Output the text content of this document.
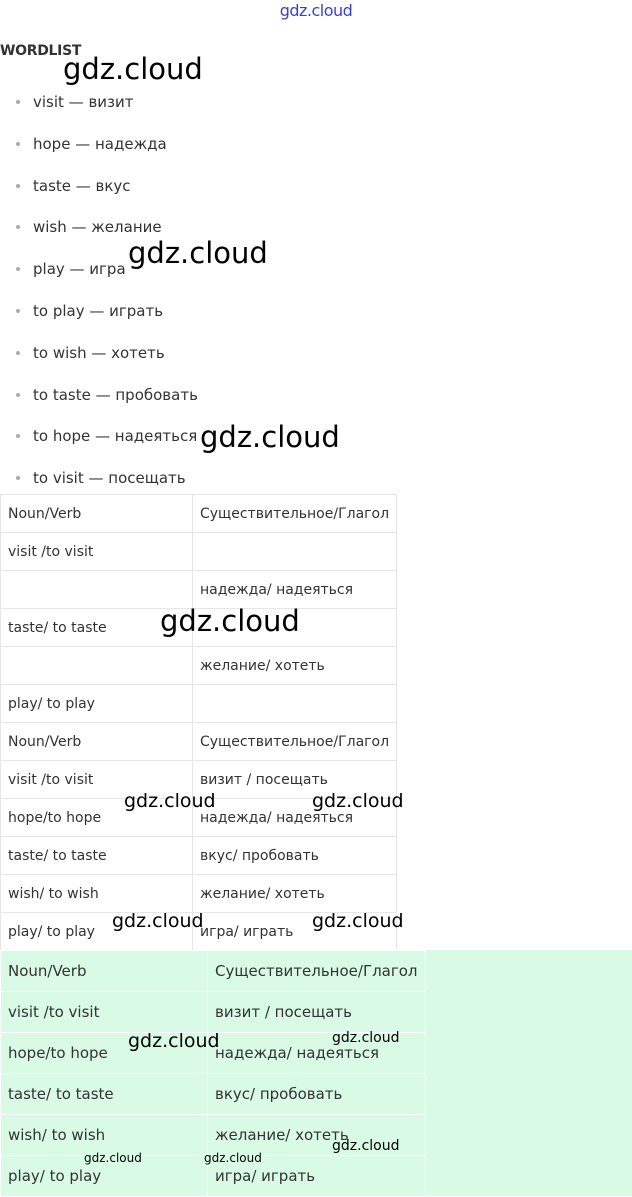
gdz.cloud
WORDLIST
visit — визит
hope — надежда
taste — вкус
wish — желание
play — игра
to play — играть
to wish — хотеть
to taste — пробовать
to hope — надеяться
to visit — посещать
Noun/Verb	Существительное/Глагол
visit /to visit	
	надежда/ надеяться
taste/ to taste	
	желание/ хотеть
play/ to play	
Noun/Verb	Существительное/Глагол
visit /to visit	визит / посещать
hope/to hope	надежда/ надеяться
taste/ to taste	вкус/ пробовать
wish/ to wish	желание/ хотеть
play/ to play	игра/ играть
Noun/Verb	Существительное/Глагол
visit /to visit	визит / посещать
hope/to hope	надежда/ надеяться
taste/ to taste	вкус/ пробовать
wish/ to wish	желание/ хотеть
play/ to play	игра/ играть
gdz.cloud
gdz.cloud
gdz.cloud
gdz.cloud
gdz.cloud	gdz.cloud
gdz.cloud	gdz.cloud
gdz.cloud	gdz.cloud
gdz.cloud
gdz.cloud	gdz.cloud
